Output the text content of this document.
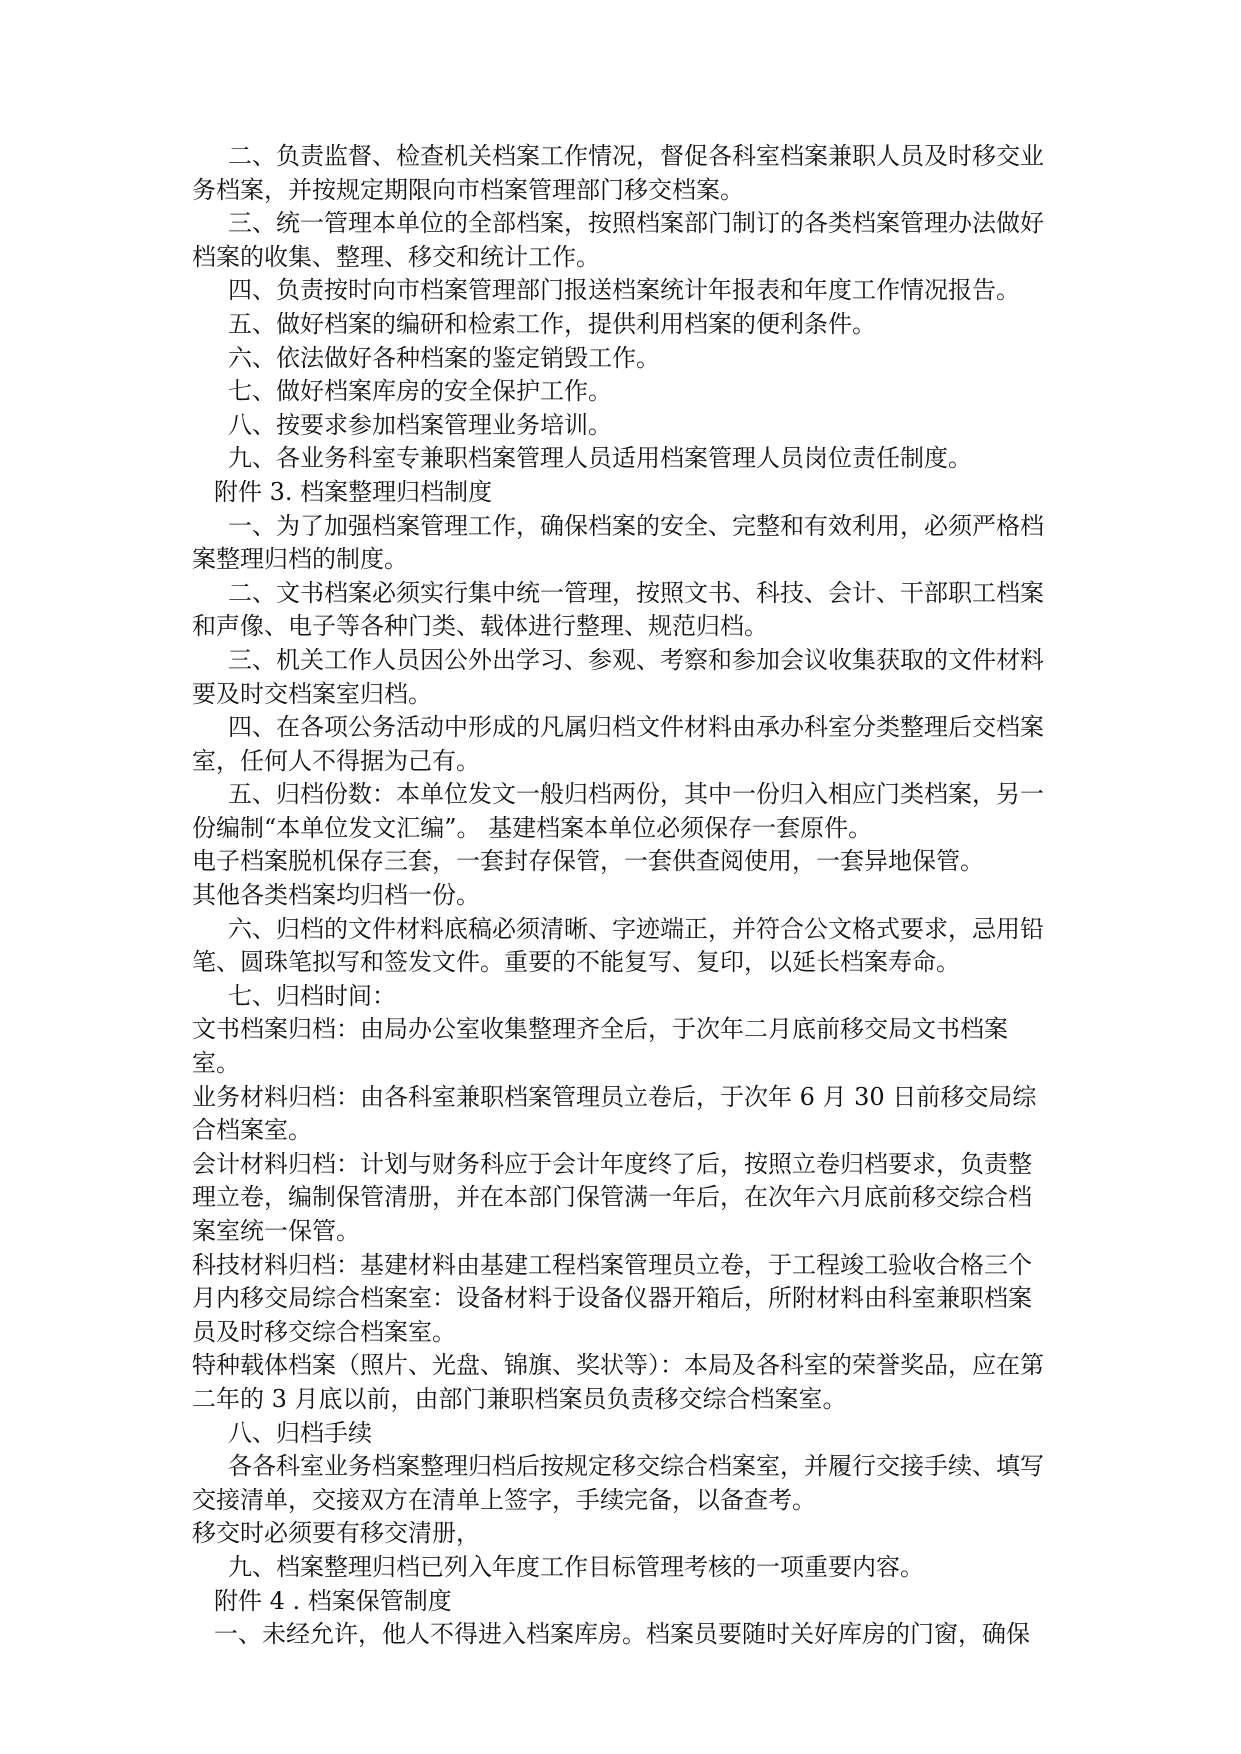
二、负责监督、检查机关档案工作情况，督促各科室档案兼职人员及时移交业务档案，并按规定期限向市档案管理部门移交档案。

三、统一管理本单位的全部档案，按照档案部门制订的各类档案管理办法做好档案的收集、整理、移交和统计工作。

四、负责按时向市档案管理部门报送档案统计年报表和年度工作情况报告。

五、做好档案的编研和检索工作，提供利用档案的便利条件。

六、依法做好各种档案的鉴定销毁工作。

七、做好档案库房的安全保护工作。

八、按要求参加档案管理业务培训。

九、各业务科室专兼职档案管理人员适用档案管理人员岗位责任制度。

附件 3. 档案整理归档制度

一、为了加强档案管理工作，确保档案的安全、完整和有效利用，必须严格档案整理归档的制度。

二、文书档案必须实行集中统一管理，按照文书、科技、会计、干部职工档案和声像、电子等各种门类、载体进行整理、规范归档。

三、机关工作人员因公外出学习、参观、考察和参加会议收集获取的文件材料要及时交档案室归档。

四、在各项公务活动中形成的凡属归档文件材料由承办科室分类整理后交档案室，任何人不得据为己有。

五、归档份数：本单位发文一般归档两份，其中一份归入相应门类档案，另一份编制“本单位发文汇编”。 基建档案本单位必须保存一套原件。

电子档案脱机保存三套，一套封存保管，一套供查阅使用，一套异地保管。

其他各类档案均归档一份。

六、归档的文件材料底稿必须清晰、字迹端正，并符合公文格式要求，忌用铅笔、圆珠笔拟写和签发文件。重要的不能复写、复印，以延长档案寿命。

七、归档时间：

文书档案归档：由局办公室收集整理齐全后，于次年二月底前移交局文书档案室。

业务材料归档：由各科室兼职档案管理员立卷后，于次年 6 月 30 日前移交局综合档案室。

会计材料归档：计划与财务科应于会计年度终了后，按照立卷归档要求，负责整理立卷，编制保管清册，并在本部门保管满一年后，在次年六月底前移交综合档案室统一保管。

科技材料归档：基建材料由基建工程档案管理员立卷，于工程竣工验收合格三个月内移交局综合档案室：设备材料于设备仪器开箱后，所附材料由科室兼职档案员及时移交综合档案室。

特种载体档案（照片、光盘、锦旗、奖状等）：本局及各科室的荣誉奖品，应在第二年的 3 月底以前，由部门兼职档案员负责移交综合档案室。

八、归档手续

各各科室业务档案整理归档后按规定移交综合档案室，并履行交接手续、填写交接清单，交接双方在清单上签字，手续完备，以备查考。

移交时必须要有移交清册，

九、档案整理归档已列入年度工作目标管理考核的一项重要内容。

附件 4 . 档案保管制度

一、未经允许，他人不得进入档案库房。档案员要随时关好库房的门窗，确保
